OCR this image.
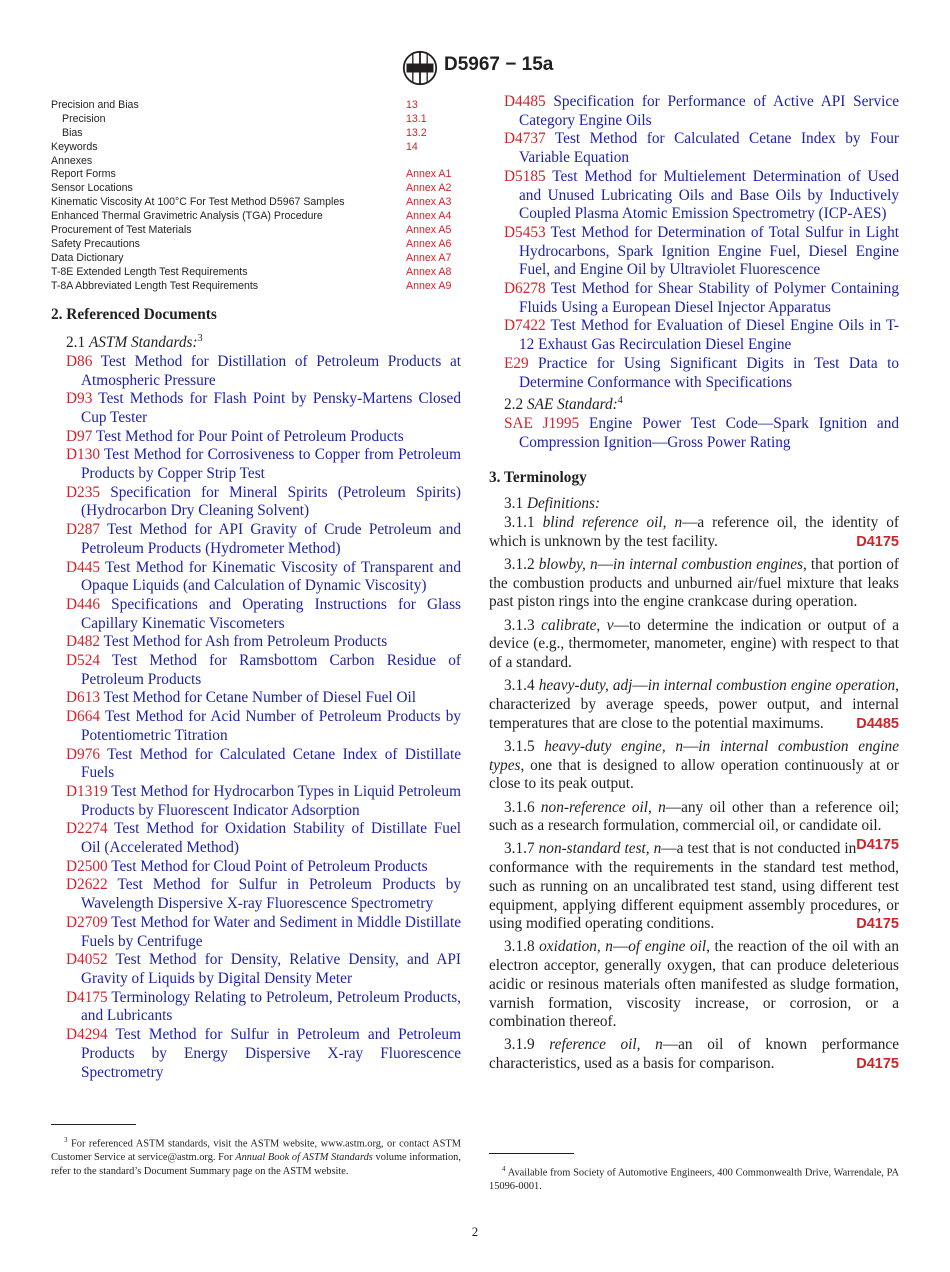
D5967 − 15a
Precision and Bias	13
Precision	13.1
Bias	13.2
Keywords	14
Annexes
Report Forms	Annex A1
Sensor Locations	Annex A2
Kinematic Viscosity At 100°C For Test Method D5967 Samples	Annex A3
Enhanced Thermal Gravimetric Analysis (TGA) Procedure	Annex A4
Procurement of Test Materials	Annex A5
Safety Precautions	Annex A6
Data Dictionary	Annex A7
T-8E Extended Length Test Requirements	Annex A8
T-8A Abbreviated Length Test Requirements	Annex A9
2. Referenced Documents
2.1 ASTM Standards:$^3$
D86 Test Method for Distillation of Petroleum Products at Atmospheric Pressure
D93 Test Methods for Flash Point by Pensky-Martens Closed Cup Tester
D97 Test Method for Pour Point of Petroleum Products
D130 Test Method for Corrosiveness to Copper from Petroleum Products by Copper Strip Test
D235 Specification for Mineral Spirits (Petroleum Spirits) (Hydrocarbon Dry Cleaning Solvent)
D287 Test Method for API Gravity of Crude Petroleum and Petroleum Products (Hydrometer Method)
D445 Test Method for Kinematic Viscosity of Transparent and Opaque Liquids (and Calculation of Dynamic Viscosity)
D446 Specifications and Operating Instructions for Glass Capillary Kinematic Viscometers
D482 Test Method for Ash from Petroleum Products
D524 Test Method for Ramsbottom Carbon Residue of Petroleum Products
D613 Test Method for Cetane Number of Diesel Fuel Oil
D664 Test Method for Acid Number of Petroleum Products by Potentiometric Titration
D976 Test Method for Calculated Cetane Index of Distillate Fuels
D1319 Test Method for Hydrocarbon Types in Liquid Petroleum Products by Fluorescent Indicator Adsorption
D2274 Test Method for Oxidation Stability of Distillate Fuel Oil (Accelerated Method)
D2500 Test Method for Cloud Point of Petroleum Products
D2622 Test Method for Sulfur in Petroleum Products by Wavelength Dispersive X-ray Fluorescence Spectrometry
D2709 Test Method for Water and Sediment in Middle Distillate Fuels by Centrifuge
D4052 Test Method for Density, Relative Density, and API Gravity of Liquids by Digital Density Meter
D4175 Terminology Relating to Petroleum, Petroleum Products, and Lubricants
D4294 Test Method for Sulfur in Petroleum and Petroleum Products by Energy Dispersive X-ray Fluorescence Spectrometry
D4485 Specification for Performance of Active API Service Category Engine Oils
D4737 Test Method for Calculated Cetane Index by Four Variable Equation
D5185 Test Method for Multielement Determination of Used and Unused Lubricating Oils and Base Oils by Inductively Coupled Plasma Atomic Emission Spectrometry (ICP-AES)
D5453 Test Method for Determination of Total Sulfur in Light Hydrocarbons, Spark Ignition Engine Fuel, Diesel Engine Fuel, and Engine Oil by Ultraviolet Fluorescence
D6278 Test Method for Shear Stability of Polymer Containing Fluids Using a European Diesel Injector Apparatus
D7422 Test Method for Evaluation of Diesel Engine Oils in T-12 Exhaust Gas Recirculation Diesel Engine
E29 Practice for Using Significant Digits in Test Data to Determine Conformance with Specifications
2.2 SAE Standard:$^4$
SAE J1995 Engine Power Test Code—Spark Ignition and Compression Ignition—Gross Power Rating
3. Terminology
3.1 Definitions:
3.1.1 blind reference oil, n—a reference oil, the identity of which is unknown by the test facility.	D4175
3.1.2 blowby, n—in internal combustion engines, that portion of the combustion products and unburned air/fuel mixture that leaks past piston rings into the engine crankcase during operation.
3.1.3 calibrate, v—to determine the indication or output of a device (e.g., thermometer, manometer, engine) with respect to that of a standard.
3.1.4 heavy-duty, adj—in internal combustion engine operation, characterized by average speeds, power output, and internal temperatures that are close to the potential maximums. D4485
3.1.5 heavy-duty engine, n—in internal combustion engine types, one that is designed to allow operation continuously at or close to its peak output.
3.1.6 non-reference oil, n—any oil other than a reference oil; such as a research formulation, commercial oil, or candidate oil.
D4175
3.1.7 non-standard test, n—a test that is not conducted in conformance with the requirements in the standard test method, such as running on an uncalibrated test stand, using different test equipment, applying different equipment assembly procedures, or using modified operating conditions.	D4175
3.1.8 oxidation, n—of engine oil, the reaction of the oil with an electron acceptor, generally oxygen, that can produce deleterious acidic or resinous materials often manifested as sludge formation, varnish formation, viscosity increase, or corrosion, or a combination thereof.
3.1.9 reference oil, n—an oil of known performance characteristics, used as a basis for comparison.	D4175
$^3$ For referenced ASTM standards, visit the ASTM website, www.astm.org, or contact ASTM Customer Service at service@astm.org. For Annual Book of ASTM Standards volume information, refer to the standard’s Document Summary page on the ASTM website.	$^4$ Available from Society of Automotive Engineers, 400 Commonwealth Drive, Warrendale, PA 15096-0001.
2
